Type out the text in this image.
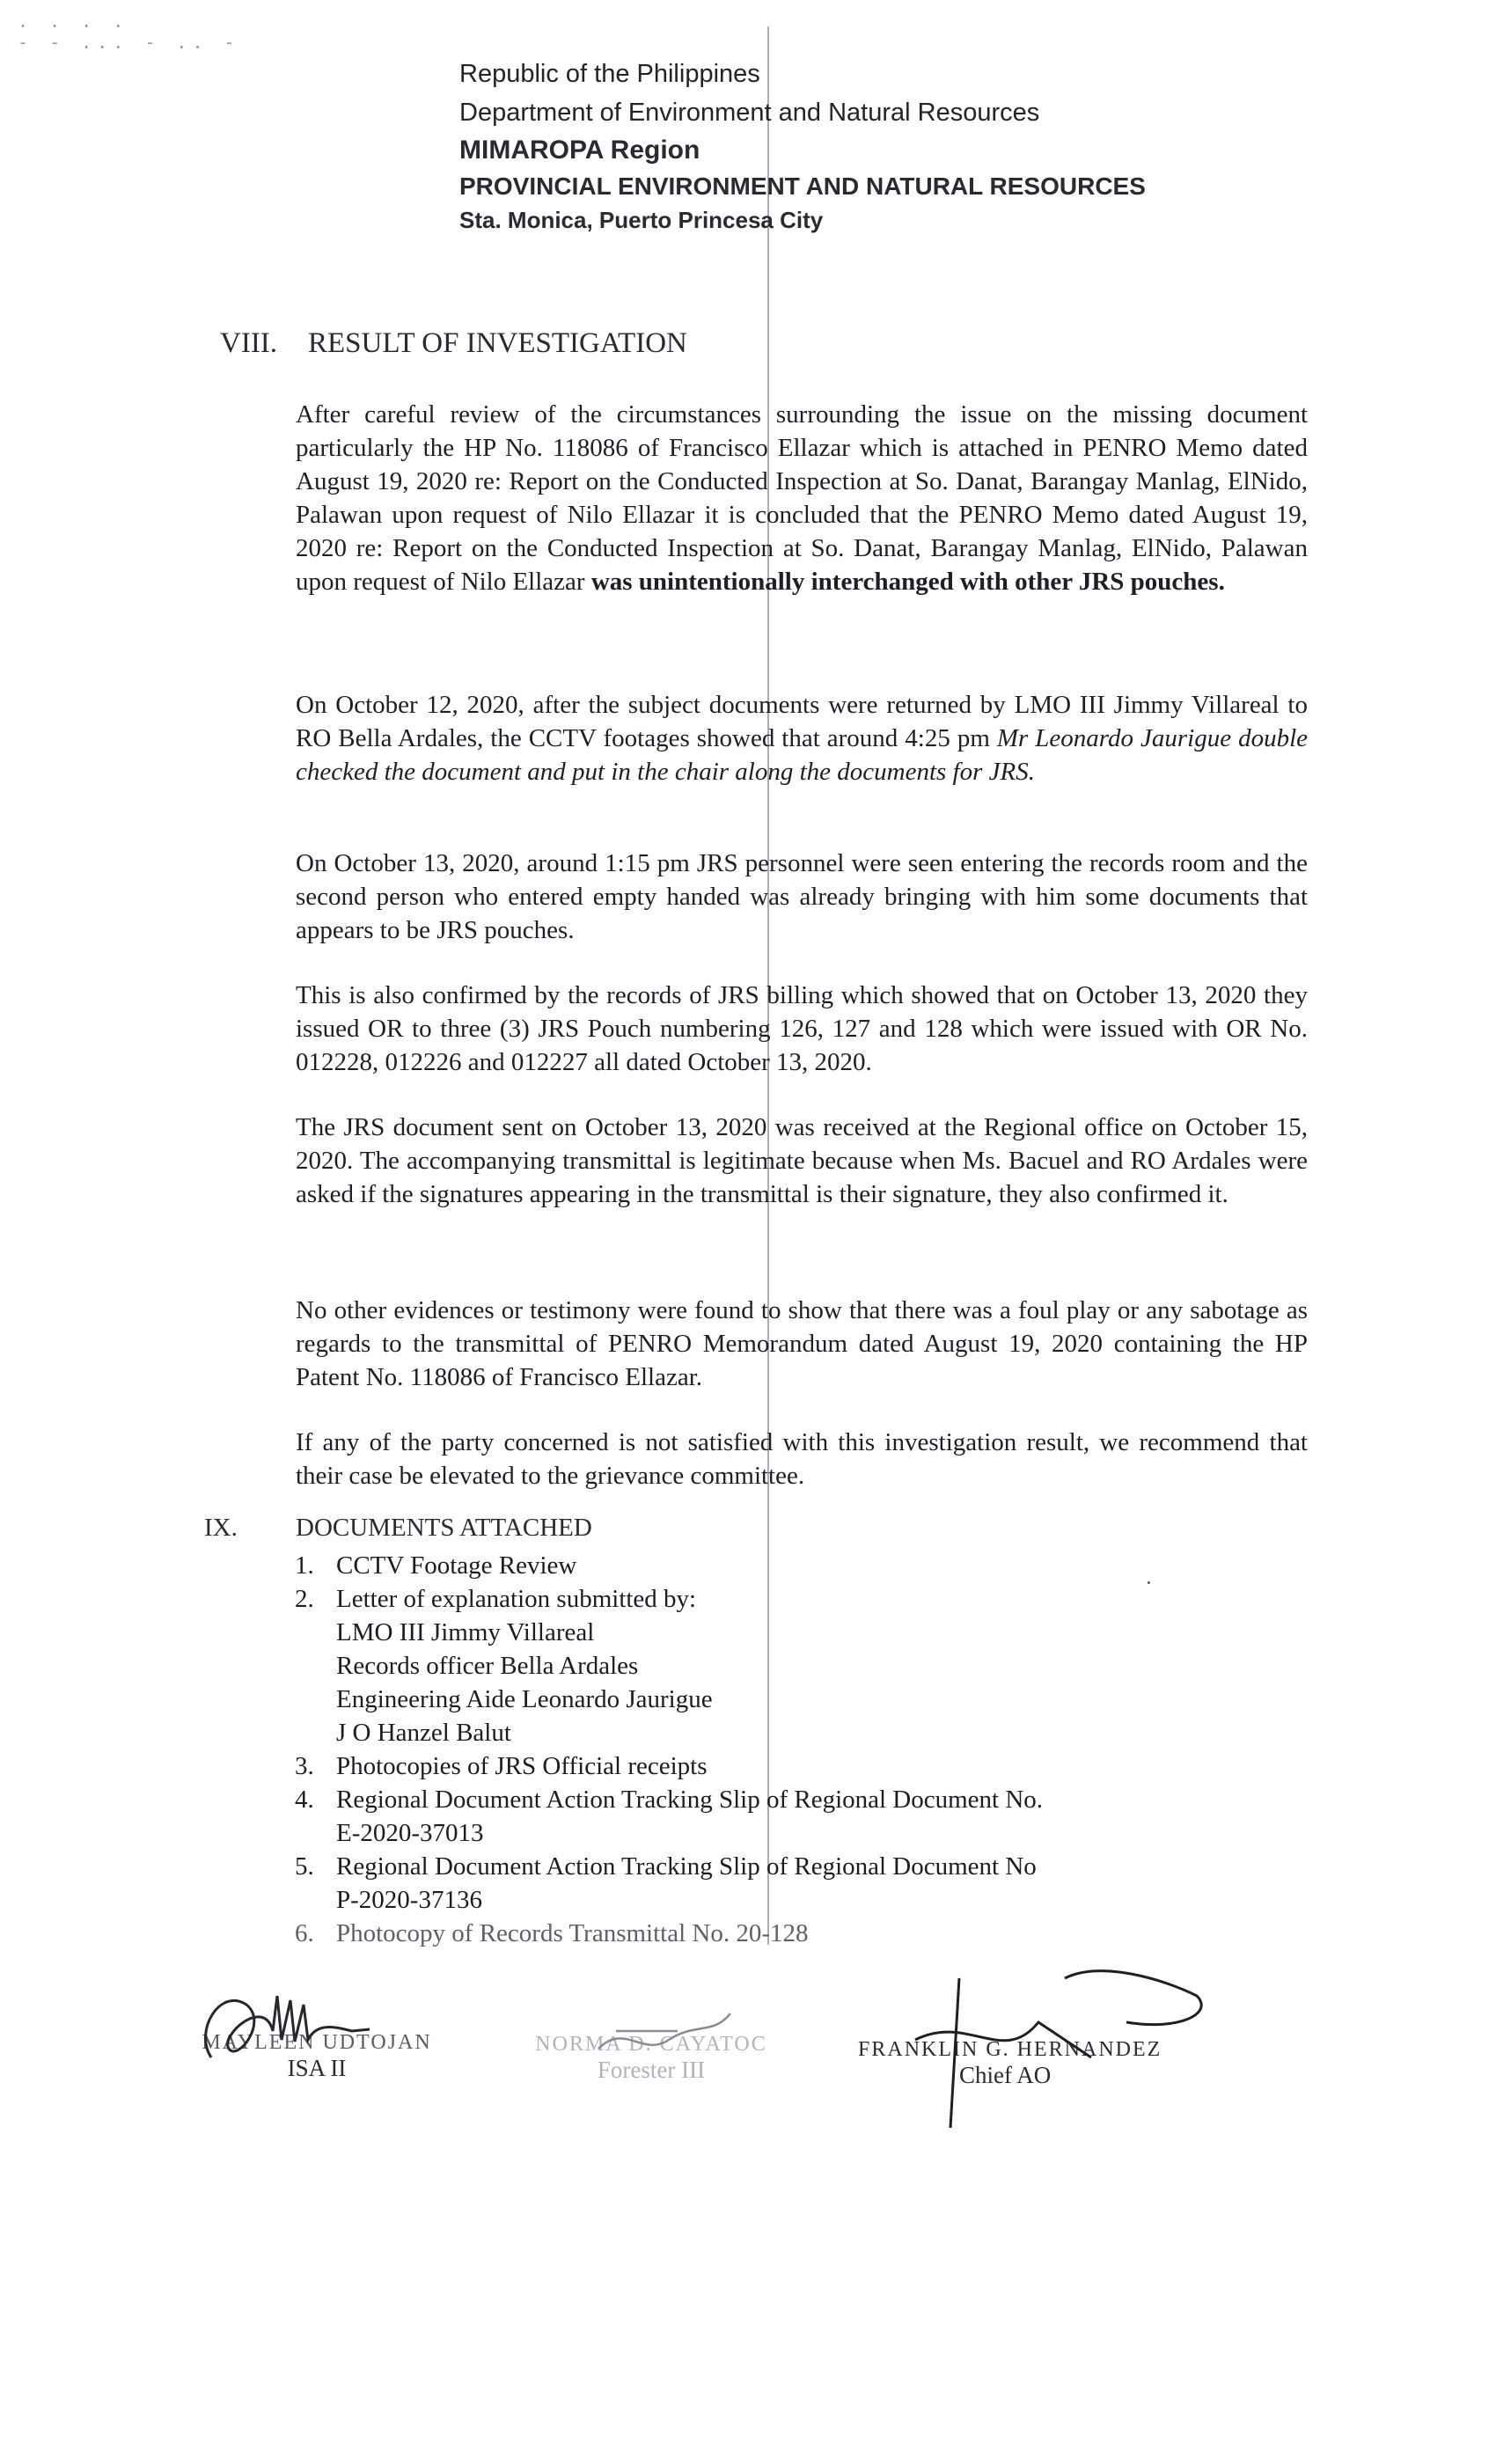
. . . .
- - ... - .. -
Republic of the Philippines
Department of Environment and Natural Resources
MIMAROPA Region
PROVINCIAL ENVIRONMENT AND NATURAL RESOURCES
Sta. Monica, Puerto Princesa City
VIII. RESULT OF INVESTIGATION
After careful review of the circumstances surrounding the issue on the missing document particularly the HP No. 118086 of Francisco Ellazar which is attached in PENRO Memo dated August 19, 2020 re: Report on the Conducted Inspection at So. Danat, Barangay Manlag, ElNido, Palawan upon request of Nilo Ellazar it is concluded that the PENRO Memo dated August 19, 2020 re: Report on the Conducted Inspection at So. Danat, Barangay Manlag, ElNido, Palawan upon request of Nilo Ellazar was unintentionally interchanged with other JRS pouches.
On October 12, 2020, after the subject documents were returned by LMO III Jimmy Villareal to RO Bella Ardales, the CCTV footages showed that around 4:25 pm Mr Leonardo Jaurigue double checked the document and put in the chair along the documents for JRS.
On October 13, 2020, around 1:15 pm JRS personnel were seen entering the records room and the second person who entered empty handed was already bringing with him some documents that appears to be JRS pouches.
This is also confirmed by the records of JRS billing which showed that on October 13, 2020 they issued OR to three (3) JRS Pouch numbering 126, 127 and 128 which were issued with OR No. 012228, 012226 and 012227 all dated October 13, 2020.
The JRS document sent on October 13, 2020 was received at the Regional office on October 15, 2020. The accompanying transmittal is legitimate because when Ms. Bacuel and RO Ardales were asked if the signatures appearing in the transmittal is their signature, they also confirmed it.
No other evidences or testimony were found to show that there was a foul play or any sabotage as regards to the transmittal of PENRO Memorandum dated August 19, 2020 containing the HP Patent No. 118086 of Francisco Ellazar.
If any of the party concerned is not satisfied with this investigation result, we recommend that their case be elevated to the grievance committee.
IX. DOCUMENTS ATTACHED
1. CCTV Footage Review
2. Letter of explanation submitted by:
LMO III Jimmy Villareal
Records officer Bella Ardales
Engineering Aide Leonardo Jaurigue
J O Hanzel Balut
3. Photocopies of JRS Official receipts
4. Regional Document Action Tracking Slip of Regional Document No.
E-2020-37013
5. Regional Document Action Tracking Slip of Regional Document No
P-2020-37136
6. Photocopy of Records Transmittal No. 20-128
MAYLEEN UDTOJAN
ISA II
NORMA D. CAYATOC
Forester III
FRANKLIN G. HERNANDEZ
Chief AO
